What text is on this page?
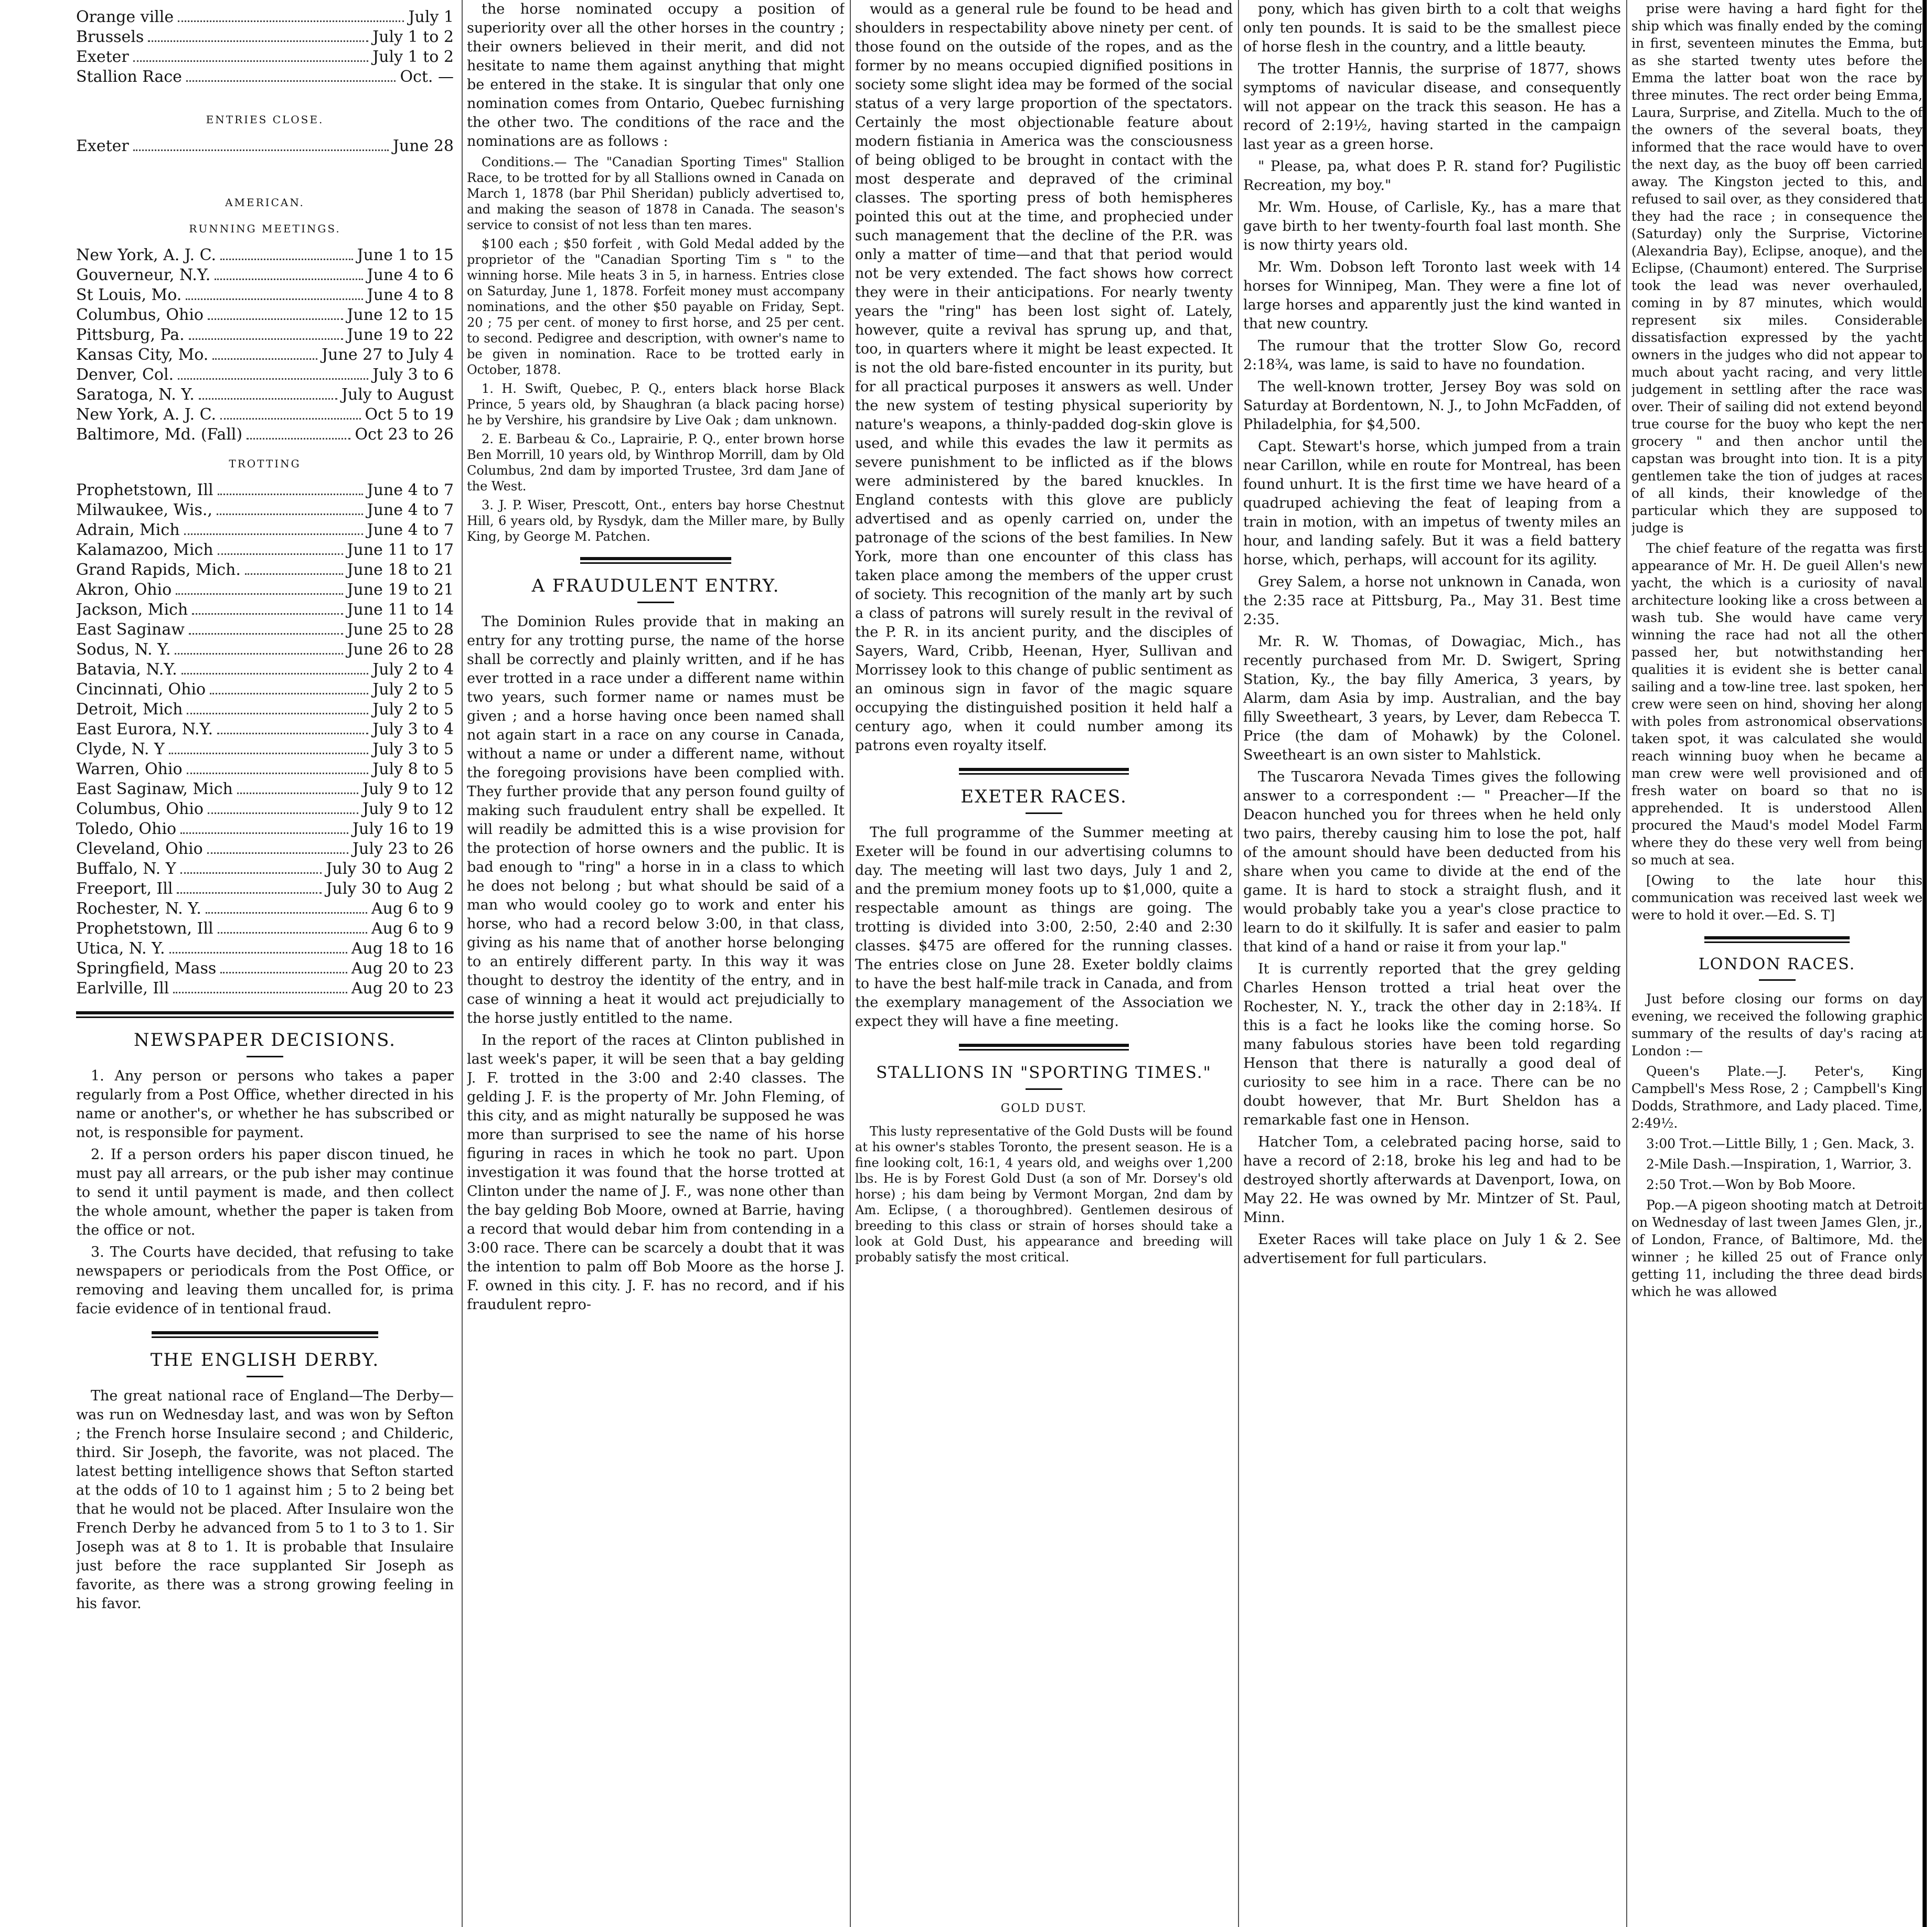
Orange ville	July 1
Brussels	July 1 to 2
Exeter	July 1 to 2
Stallion Race	Oct. —
ENTRIES CLOSE.
Exeter	June 28
AMERICAN.
RUNNING MEETINGS.
New York, A. J. C.	June 1 to 15
Gouverneur, N.Y.	June 4 to 6
St Louis, Mo.	June 4 to 8
Columbus, Ohio	June 12 to 15
Pittsburg, Pa.	June 19 to 22
Kansas City, Mo.	June 27 to July 4
Denver, Col.	July 3 to 6
Saratoga, N. Y.	July to August
New York, A. J. C.	Oct 5 to 19
Baltimore, Md. (Fall)	Oct 23 to 26
TROTTING
Prophetstown, Ill	June 4 to 7
Milwaukee, Wis.,	June 4 to 7
Adrain, Mich	June 4 to 7
Kalamazoo, Mich	June 11 to 17
Grand Rapids, Mich.	June 18 to 21
Akron, Ohio	June 19 to 21
Jackson, Mich	June 11 to 14
East Saginaw	June 25 to 28
Sodus, N. Y.	June 26 to 28
Batavia, N.Y.	July 2 to 4
Cincinnati, Ohio	July 2 to 5
Detroit, Mich	July 2 to 5
East Eurora, N.Y.	July 3 to 4
Clyde, N. Y	July 3 to 5
Warren, Ohio	July 8 to 5
East Saginaw, Mich	July 9 to 12
Columbus, Ohio	July 9 to 12
Toledo, Ohio	July 16 to 19
Cleveland, Ohio	July 23 to 26
Buffalo, N. Y	July 30 to Aug 2
Freeport, Ill	July 30 to Aug 2
Rochester, N. Y.	Aug 6 to 9
Prophetstown, Ill	Aug 6 to 9
Utica, N. Y.	Aug 18 to 16
Springfield, Mass	Aug 20 to 23
Earlville, Ill	Aug 20 to 23
NEWSPAPER DECISIONS.

1. Any person or persons who takes a paper regularly from a Post Office, whether directed in his name or another's, or whether he has subscribed or not, is responsible for payment.

2. If a person orders his paper discon tinued, he must pay all arrears, or the pub isher may continue to send it until payment is made, and then collect the whole amount, whether the paper is taken from the office or not.

3. The Courts have decided, that refusing to take newspapers or periodicals from the Post Office, or removing and leaving them uncalled for, is prima facie evidence of in tentional fraud.

THE ENGLISH DERBY.

The great national race of England—The Derby—was run on Wednesday last, and was won by Sefton ; the French horse Insulaire second ; and Childeric, third. Sir Joseph, the favorite, was not placed. The latest betting intelligence shows that Sefton started at the odds of 10 to 1 against him ; 5 to 2 being bet that he would not be placed. After Insulaire won the French Derby he advanced from 5 to 1 to 3 to 1. Sir Joseph was at 8 to 1. It is probable that Insulaire just before the race supplanted Sir Joseph as favorite, as there was a strong growing feeling in his favor.

the horse nominated occupy a position of superiority over all the other horses in the country ; their owners believed in their merit, and did not hesitate to name them against anything that might be entered in the stake. It is singular that only one nomination comes from Ontario, Quebec furnishing the other two. The conditions of the race and the nominations are as follows :

Conditions.— The "Canadian Sporting Times" Stallion Race, to be trotted for by all Stallions owned in Canada on March 1, 1878 (bar Phil Sheridan) publicly advertised to, and making the season of 1878 in Canada. The season's service to consist of not less than ten mares.

$100 each ; $50 forfeit , with Gold Medal added by the proprietor of the "Canadian Sporting Tim s " to the winning horse. Mile heats 3 in 5, in harness. Entries close on Saturday, June 1, 1878. Forfeit money must accompany nominations, and the other $50 payable on Friday, Sept. 20 ; 75 per cent. of money to first horse, and 25 per cent. to second. Pedigree and description, with owner's name to be given in nomination. Race to be trotted early in October, 1878.

1. H. Swift, Quebec, P. Q., enters black horse Black Prince, 5 years old, by Shaughran (a black pacing horse) he by Vershire, his grandsire by Live Oak ; dam unknown.

2. E. Barbeau & Co., Laprairie, P. Q., enter brown horse Ben Morrill, 10 years old, by Winthrop Morrill, dam by Old Columbus, 2nd dam by imported Trustee, 3rd dam Jane of the West.

3. J. P. Wiser, Prescott, Ont., enters bay horse Chestnut Hill, 6 years old, by Rysdyk, dam the Miller mare, by Bully King, by George M. Patchen.

A FRAUDULENT ENTRY.

The Dominion Rules provide that in making an entry for any trotting purse, the name of the horse shall be correctly and plainly written, and if he has ever trotted in a race under a different name within two years, such former name or names must be given ; and a horse having once been named shall not again start in a race on any course in Canada, without a name or under a different name, without the foregoing provisions have been complied with. They further provide that any person found guilty of making such fraudulent entry shall be expelled. It will readily be admitted this is a wise provision for the protection of horse owners and the public. It is bad enough to "ring" a horse in in a class to which he does not belong ; but what should be said of a man who would cooley go to work and enter his horse, who had a record below 3:00, in that class, giving as his name that of another horse belonging to an entirely different party. In this way it was thought to destroy the identity of the entry, and in case of winning a heat it would act prejudicially to the horse justly entitled to the name.

In the report of the races at Clinton published in last week's paper, it will be seen that a bay gelding J. F. trotted in the 3:00 and 2:40 classes. The gelding J. F. is the property of Mr. John Fleming, of this city, and as might naturally be supposed he was more than surprised to see the name of his horse figuring in races in which he took no part. Upon investigation it was found that the horse trotted at Clinton under the name of J. F., was none other than the bay gelding Bob Moore, owned at Barrie, having a record that would debar him from contending in a 3:00 race. There can be scarcely a doubt that it was the intention to palm off Bob Moore as the horse J. F. owned in this city. J. F. has no record, and if his fraudulent repro-

would as a general rule be found to be head and shoulders in respectability above ninety per cent. of those found on the outside of the ropes, and as the former by no means occupied dignified positions in society some slight idea may be formed of the social status of a very large proportion of the spectators. Certainly the most objectionable feature about modern fistiania in America was the consciousness of being obliged to be brought in contact with the most desperate and depraved of the criminal classes. The sporting press of both hemispheres pointed this out at the time, and prophecied under such management that the decline of the P.R. was only a matter of time—and that that period would not be very extended. The fact shows how correct they were in their anticipations. For nearly twenty years the "ring" has been lost sight of. Lately, however, quite a revival has sprung up, and that, too, in quarters where it might be least expected. It is not the old bare-fisted encounter in its purity, but for all practical purposes it answers as well. Under the new system of testing physical superiority by nature's weapons, a thinly-padded dog-skin glove is used, and while this evades the law it permits as severe punishment to be inflicted as if the blows were administered by the bared knuckles. In England contests with this glove are publicly advertised and as openly carried on, under the patronage of the scions of the best families. In New York, more than one encounter of this class has taken place among the members of the upper crust of society. This recognition of the manly art by such a class of patrons will surely result in the revival of the P. R. in its ancient purity, and the disciples of Sayers, Ward, Cribb, Heenan, Hyer, Sullivan and Morrissey look to this change of public sentiment as an ominous sign in favor of the magic square occupying the distinguished position it held half a century ago, when it could number among its patrons even royalty itself.

EXETER RACES.

The full programme of the Summer meeting at Exeter will be found in our advertising columns to day. The meeting will last two days, July 1 and 2, and the premium money foots up to $1,000, quite a respectable amount as things are going. The trotting is divided into 3:00, 2:50, 2:40 and 2:30 classes. $475 are offered for the running classes. The entries close on June 28. Exeter boldly claims to have the best half-mile track in Canada, and from the exemplary management of the Association we expect they will have a fine meeting.

STALLIONS IN "SPORTING TIMES."
GOLD DUST.

This lusty representative of the Gold Dusts will be found at his owner's stables Toronto, the present season. He is a fine looking colt, 16:1, 4 years old, and weighs over 1,200 lbs. He is by Forest Gold Dust (a son of Mr. Dorsey's old horse) ; his dam being by Vermont Morgan, 2nd dam by Am. Eclipse, ( a thoroughbred). Gentlemen desirous of breeding to this class or strain of horses should take a look at Gold Dust, his appearance and breeding will probably satisfy the most critical.

pony, which has given birth to a colt that weighs only ten pounds. It is said to be the smallest piece of horse flesh in the country, and a little beauty.

The trotter Hannis, the surprise of 1877, shows symptoms of navicular disease, and consequently will not appear on the track this season. He has a record of 2:19½, having started in the campaign last year as a green horse.

" Please, pa, what does P. R. stand for? Pugilistic Recreation, my boy."

Mr. Wm. House, of Carlisle, Ky., has a mare that gave birth to her twenty-fourth foal last month. She is now thirty years old.

Mr. Wm. Dobson left Toronto last week with 14 horses for Winnipeg, Man. They were a fine lot of large horses and apparently just the kind wanted in that new country.

The rumour that the trotter Slow Go, record 2:18¾, was lame, is said to have no foundation.

The well-known trotter, Jersey Boy was sold on Saturday at Bordentown, N. J., to John McFadden, of Philadelphia, for $4,500.

Capt. Stewart's horse, which jumped from a train near Carillon, while en route for Montreal, has been found unhurt. It is the first time we have heard of a quadruped achieving the feat of leaping from a train in motion, with an impetus of twenty miles an hour, and landing safely. But it was a field battery horse, which, perhaps, will account for its agility.

Grey Salem, a horse not unknown in Canada, won the 2:35 race at Pittsburg, Pa., May 31. Best time 2:35.

Mr. R. W. Thomas, of Dowagiac, Mich., has recently purchased from Mr. D. Swigert, Spring Station, Ky., the bay filly America, 3 years, by Alarm, dam Asia by imp. Australian, and the bay filly Sweetheart, 3 years, by Lever, dam Rebecca T. Price (the dam of Mohawk) by the Colonel. Sweetheart is an own sister to Mahlstick.

The Tuscarora Nevada Times gives the following answer to a correspondent :— " Preacher—If the Deacon hunched you for threes when he held only two pairs, thereby causing him to lose the pot, half of the amount should have been deducted from his share when you came to divide at the end of the game. It is hard to stock a straight flush, and it would probably take you a year's close practice to learn to do it skilfully. It is safer and easier to palm that kind of a hand or raise it from your lap."

It is currently reported that the grey gelding Charles Henson trotted a trial heat over the Rochester, N. Y., track the other day in 2:18¾. If this is a fact he looks like the coming horse. So many fabulous stories have been told regarding Henson that there is naturally a good deal of curiosity to see him in a race. There can be no doubt however, that Mr. Burt Sheldon has a remarkable fast one in Henson.

Hatcher Tom, a celebrated pacing horse, said to have a record of 2:18, broke his leg and had to be destroyed shortly afterwards at Davenport, Iowa, on May 22. He was owned by Mr. Mintzer of St. Paul, Minn.

Exeter Races will take place on July 1 & 2. See advertisement for full particulars.

prise were having a hard fight for the ship which was finally ended by the coming in first, seventeen minutes the Emma, but as she started twenty utes before the Emma the latter boat won the race by three minutes. The rect order being Emma, Laura, Surprise, and Zitella. Much to the of the owners of the several boats, they informed that the race would have to over the next day, as the buoy off been carried away. The Kingston jected to this, and refused to sail over, as they considered that they had the race ; in consequence the (Saturday) only the Surprise, Victorine (Alexandria Bay), Eclipse, anoque), and the Eclipse, (Chaumont) entered. The Surprise took the lead was never overhauled, coming in by 87 minutes, which would represent six miles. Considerable dissatisfaction expressed by the yacht owners in the judges who did not appear to much about yacht racing, and very little judgement in settling after the race was over. Their of sailing did not extend beyond true course for the buoy who kept the ner grocery " and then anchor until the capstan was brought into tion. It is a pity gentlemen take the tion of judges at races of all kinds, their knowledge of the particular which they are supposed to judge is

The chief feature of the regatta was first appearance of Mr. H. De gueil Allen's new yacht, the which is a curiosity of naval architecture looking like a cross between a wash tub. She would have came very winning the race had not all the other passed her, but notwithstanding her qualities it is evident she is better canal sailing and a tow-line tree. last spoken, her crew were seen on hind, shoving her along with poles from astronomical observations taken spot, it was calculated she would reach winning buoy when he became a man crew were well provisioned and of fresh water on board so that no is apprehended. It is understood Allen procured the Maud's model Model Farm where they do these very well from being so much at sea.

[Owing to the late hour this communication was received last week we were to hold it over.—Ed. S. T]

LONDON RACES.

Just before closing our forms on day evening, we received the following graphic summary of the results of day's racing at London :—

Queen's Plate.—J. Peter's, King Campbell's Mess Rose, 2 ; Campbell's King Dodds, Strathmore, and Lady placed. Time, 2:49½.

3:00 Trot.—Little Billy, 1 ; Gen. Mack, 3.

2-Mile Dash.—Inspiration, 1, Warrior, 3.

2:50 Trot.—Won by Bob Moore.

Pop.—A pigeon shooting match at Detroit on Wednesday of last tween James Glen, jr., of London, France, of Baltimore, Md. the winner ; he killed 25 out of France only getting 11, including the three dead birds which he was allowed
